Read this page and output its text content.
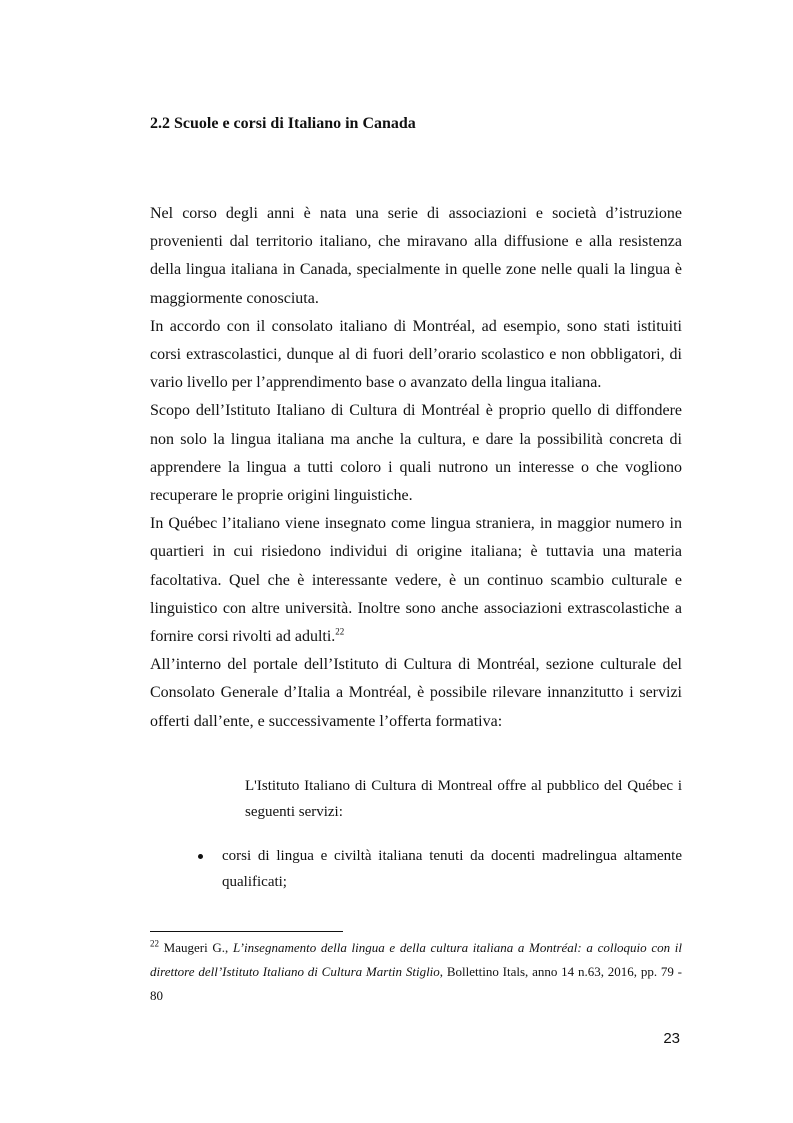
2.2 Scuole e corsi di Italiano in Canada

Nel corso degli anni è nata una serie di associazioni e società d’istruzione provenienti dal territorio italiano, che miravano alla diffusione e alla resistenza della lingua italiana in Canada, specialmente in quelle zone nelle quali la lingua è maggiormente conosciuta.

In accordo con il consolato italiano di Montréal, ad esempio, sono stati istituiti corsi extrascolastici, dunque al di fuori dell’orario scolastico e non obbligatori, di vario livello per l’apprendimento base o avanzato della lingua italiana.

Scopo dell’Istituto Italiano di Cultura di Montréal è proprio quello di diffondere non solo la lingua italiana ma anche la cultura, e dare la possibilità concreta di apprendere la lingua a tutti coloro i quali nutrono un interesse o che vogliono recuperare le proprie origini linguistiche.

In Québec l’italiano viene insegnato come lingua straniera, in maggior numero in quartieri in cui risiedono individui di origine italiana; è tuttavia una materia facoltativa. Quel che è interessante vedere, è un continuo scambio culturale e linguistico con altre università. Inoltre sono anche associazioni extrascolastiche a fornire corsi rivolti ad adulti.$^{22}$

All’interno del portale dell’Istituto di Cultura di Montréal, sezione culturale del Consolato Generale d’Italia a Montréal, è possibile rilevare innanzitutto i servizi offerti dall’ente, e successivamente l’offerta formativa:

L'Istituto Italiano di Cultura di Montreal offre al pubblico del Québec i seguenti servizi:

corsi di lingua e civiltà italiana tenuti da docenti madrelingua altamente qualificati;

$^{22}$ Maugeri G., L’insegnamento della lingua e della cultura italiana a Montréal: a colloquio con il direttore dell’Istituto Italiano di Cultura Martin Stiglio, Bollettino Itals, anno 14 n.63, 2016, pp. 79 - 80

23
